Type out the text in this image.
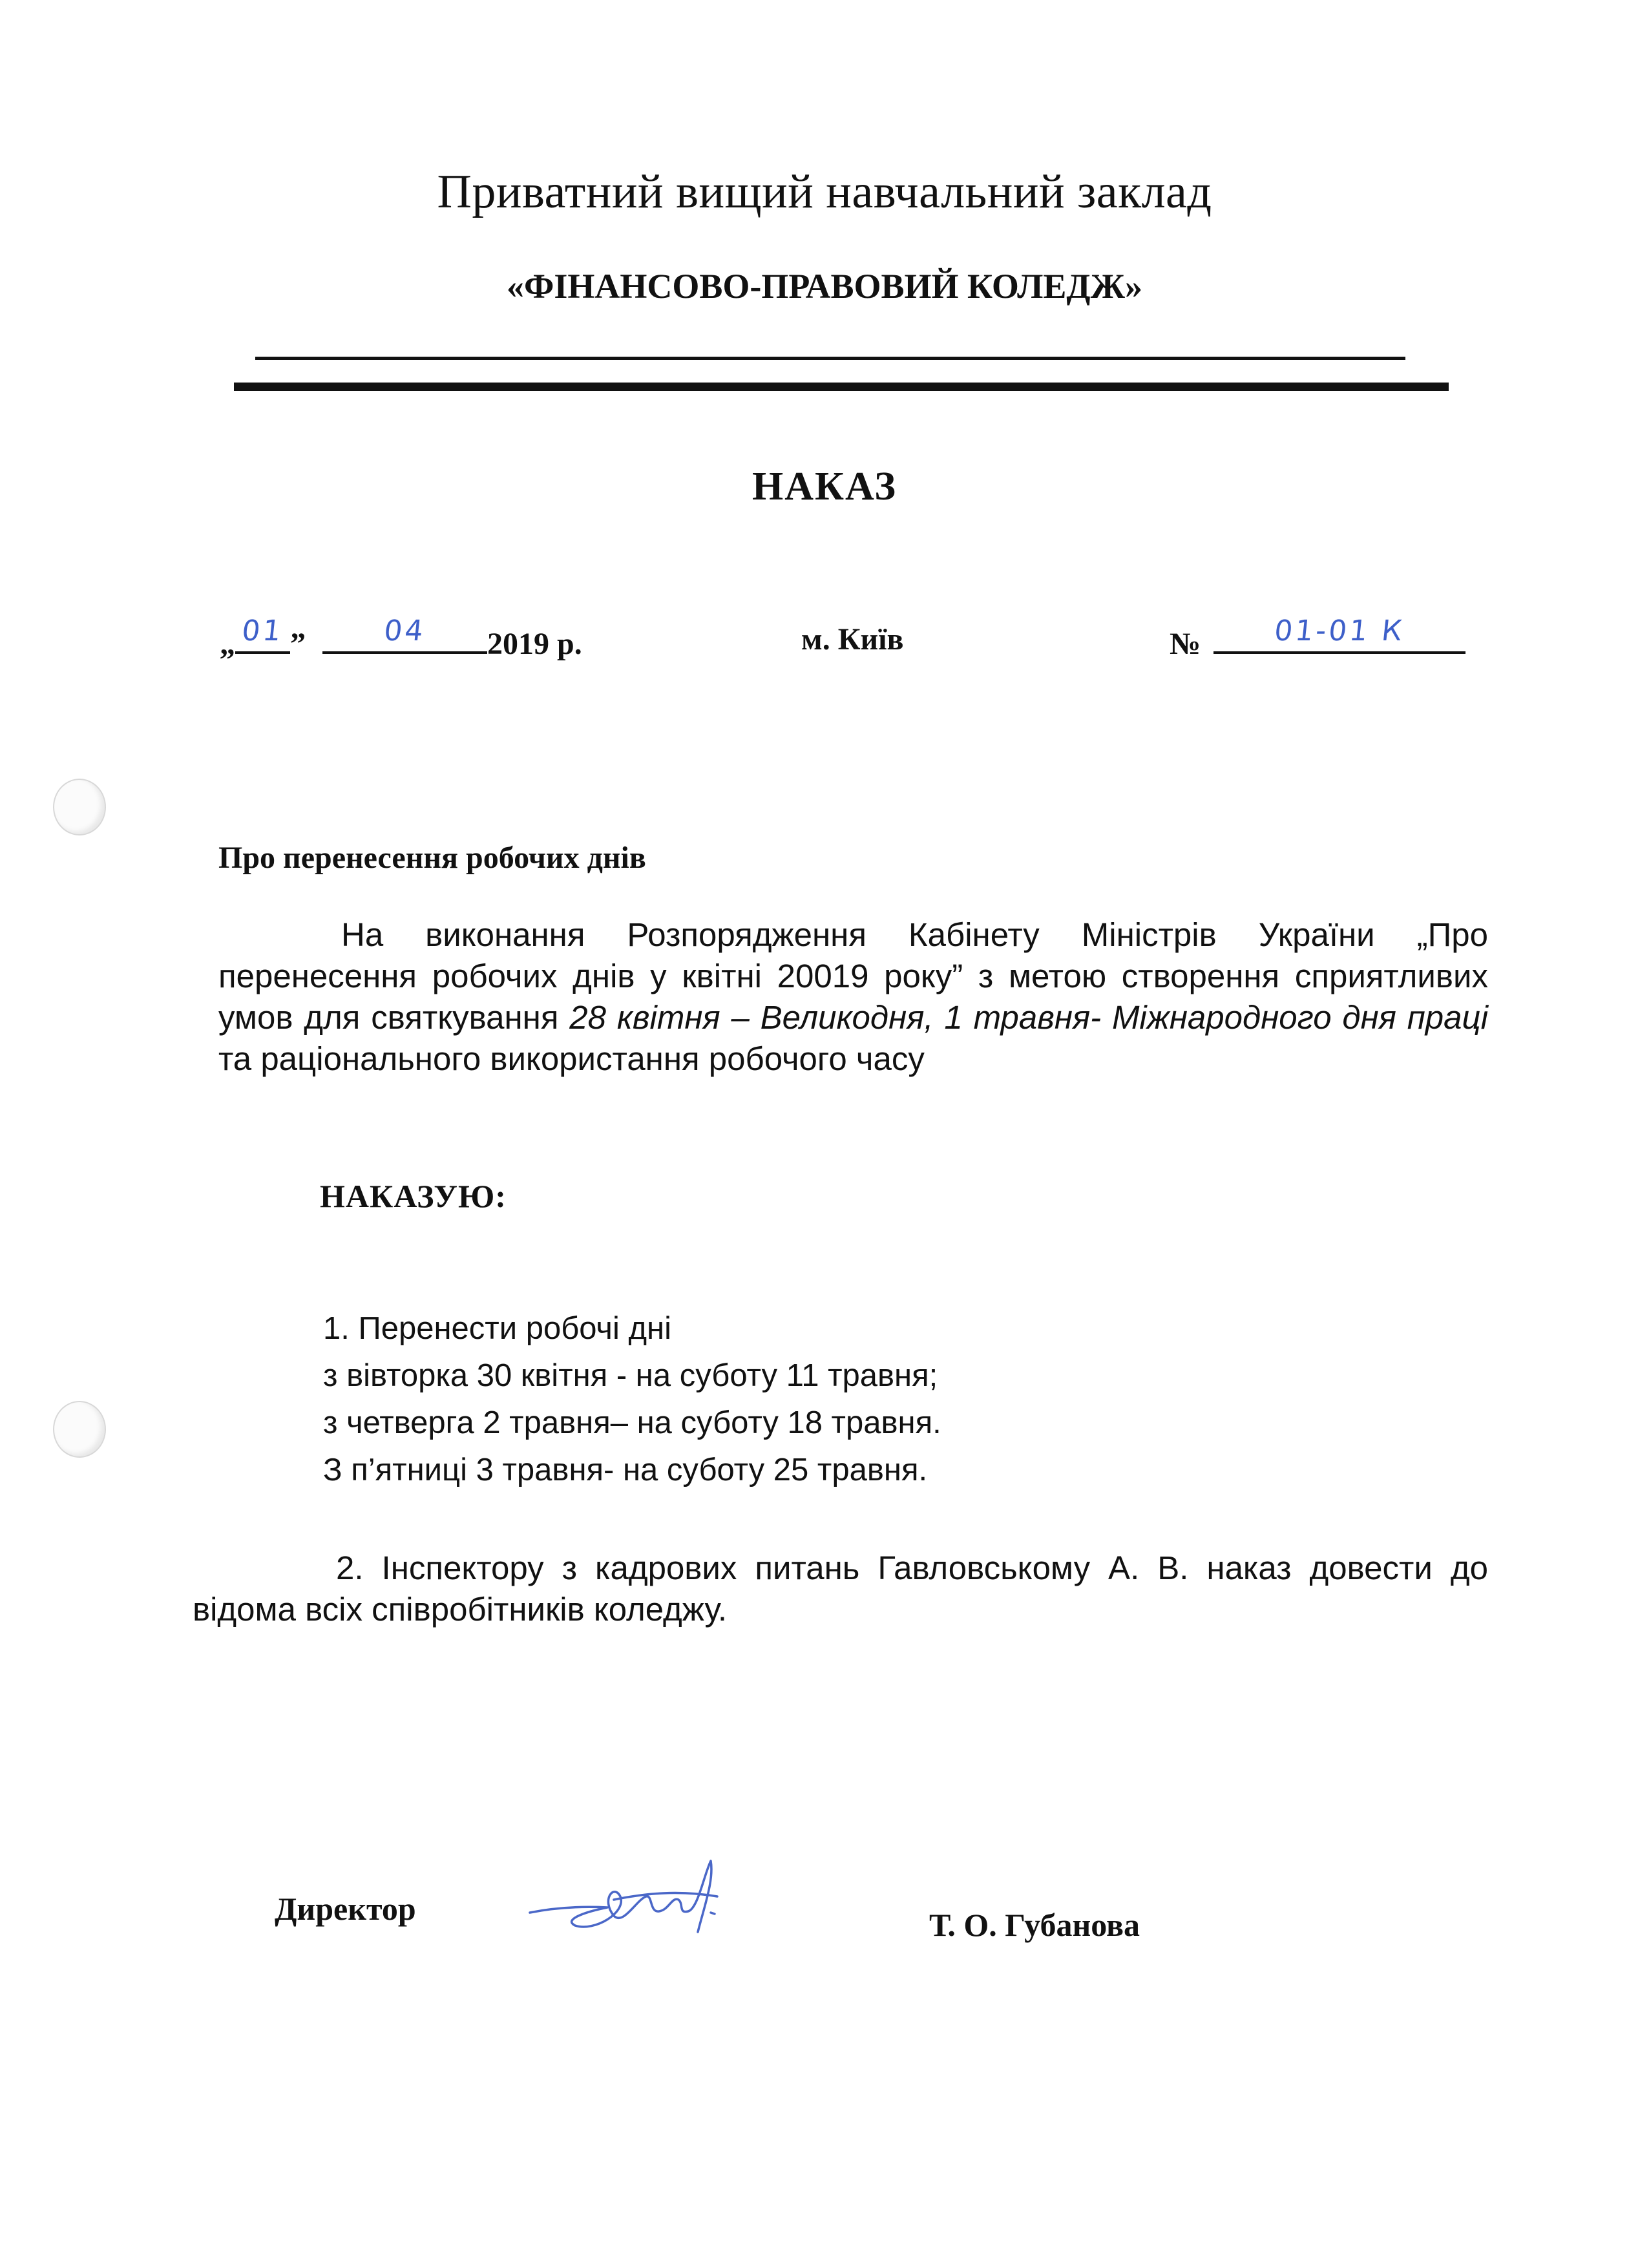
Приватний вищий навчальний заклад
«ФІНАНСОВО-ПРАВОВИЙ КОЛЕДЖ»
НАКАЗ
„ 01 ”	04	2019 р.	м. Київ	№	01-01 К
Про перенесення робочих днів
На виконання Розпорядження Кабінету Міністрів України „Про перенесення робочих днів у квітні 20019 року” з метою створення сприятливих умов для святкування 28 квітня – Великодня, 1 травня- Міжнародного дня праці та раціонального використання робочого часу
НАКАЗУЮ:
1. Перенести робочі дні
з вівторка 30 квітня - на суботу 11 травня;
з четверга 2 травня– на суботу 18 травня.
З п’ятниці 3 травня- на суботу 25 травня.
2. Інспектору з кадрових питань Гавловському А. В. наказ довести до відома всіх співробітників коледжу.
Директор	Т. О. Губанова
